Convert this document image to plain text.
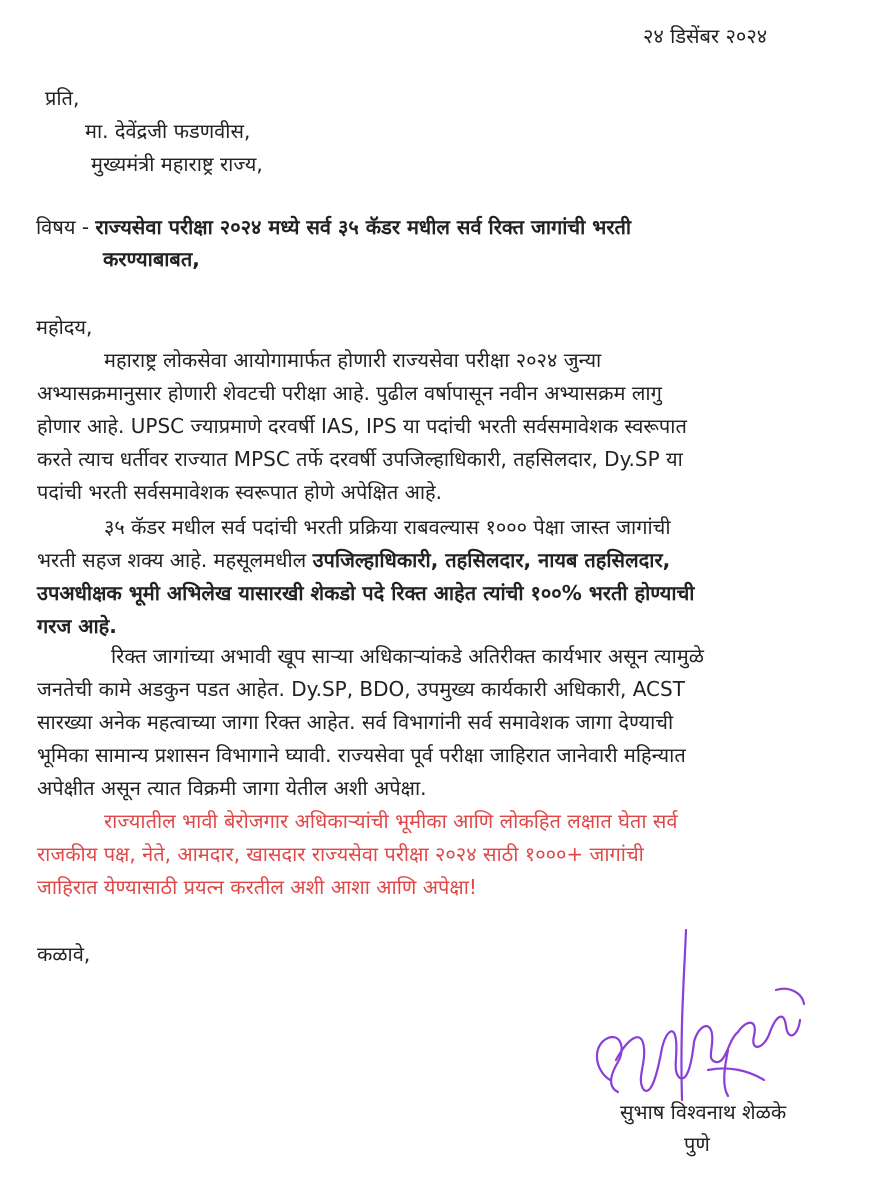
२४ डिसेंबर २०२४
प्रति,
मा. देवेंद्रजी फडणवीस,
मुख्यमंत्री महाराष्ट्र राज्य,
विषय - राज्यसेवा परीक्षा २०२४ मध्ये सर्व ३५ कॅडर मधील सर्व रिक्त जागांची भरती
करण्याबाबत,
महोदय,
महाराष्ट्र लोकसेवा आयोगामार्फत होणारी राज्यसेवा परीक्षा २०२४ जुन्या
अभ्यासक्रमानुसार होणारी शेवटची परीक्षा आहे. पुढील वर्षापासून नवीन अभ्यासक्रम लागु
होणार आहे. UPSC ज्याप्रमाणे दरवर्षी IAS, IPS या पदांची भरती सर्वसमावेशक स्वरूपात
करते त्याच धर्तीवर राज्यात MPSC तर्फे दरवर्षी उपजिल्हाधिकारी, तहसिलदार, Dy.SP या
पदांची भरती सर्वसमावेशक स्वरूपात होणे अपेक्षित आहे.
३५ कॅडर मधील सर्व पदांची भरती प्रक्रिया राबवल्यास १००० पेक्षा जास्त जागांची
भरती सहज शक्य आहे. महसूलमधील उपजिल्हाधिकारी, तहसिलदार, नायब तहसिलदार,
उपअधीक्षक भूमी अभिलेख यासारखी शेकडो पदे रिक्त आहेत त्यांची १००% भरती होण्याची
गरज आहे.
रिक्त जागांच्या अभावी खूप साऱ्या अधिकाऱ्यांकडे अतिरीक्त कार्यभार असून त्यामुळे
जनतेची कामे अडकुन पडत आहेत. Dy.SP, BDO, उपमुख्य कार्यकारी अधिकारी, ACST
सारख्या अनेक महत्वाच्या जागा रिक्त आहेत. सर्व विभागांनी सर्व समावेशक जागा देण्याची
भूमिका सामान्य प्रशासन विभागाने घ्यावी. राज्यसेवा पूर्व परीक्षा जाहिरात जानेवारी महिन्यात
अपेक्षीत असून त्यात विक्रमी जागा येतील अशी अपेक्षा.
राज्यातील भावी बेरोजगार अधिकाऱ्यांची भूमीका आणि लोकहित लक्षात घेता सर्व
राजकीय पक्ष, नेते, आमदार, खासदार राज्यसेवा परीक्षा २०२४ साठी १०००+ जागांची
जाहिरात येण्यासाठी प्रयत्न करतील अशी आशा आणि अपेक्षा!
कळावे,
सुभाष विश्वनाथ शेळके
पुणे
